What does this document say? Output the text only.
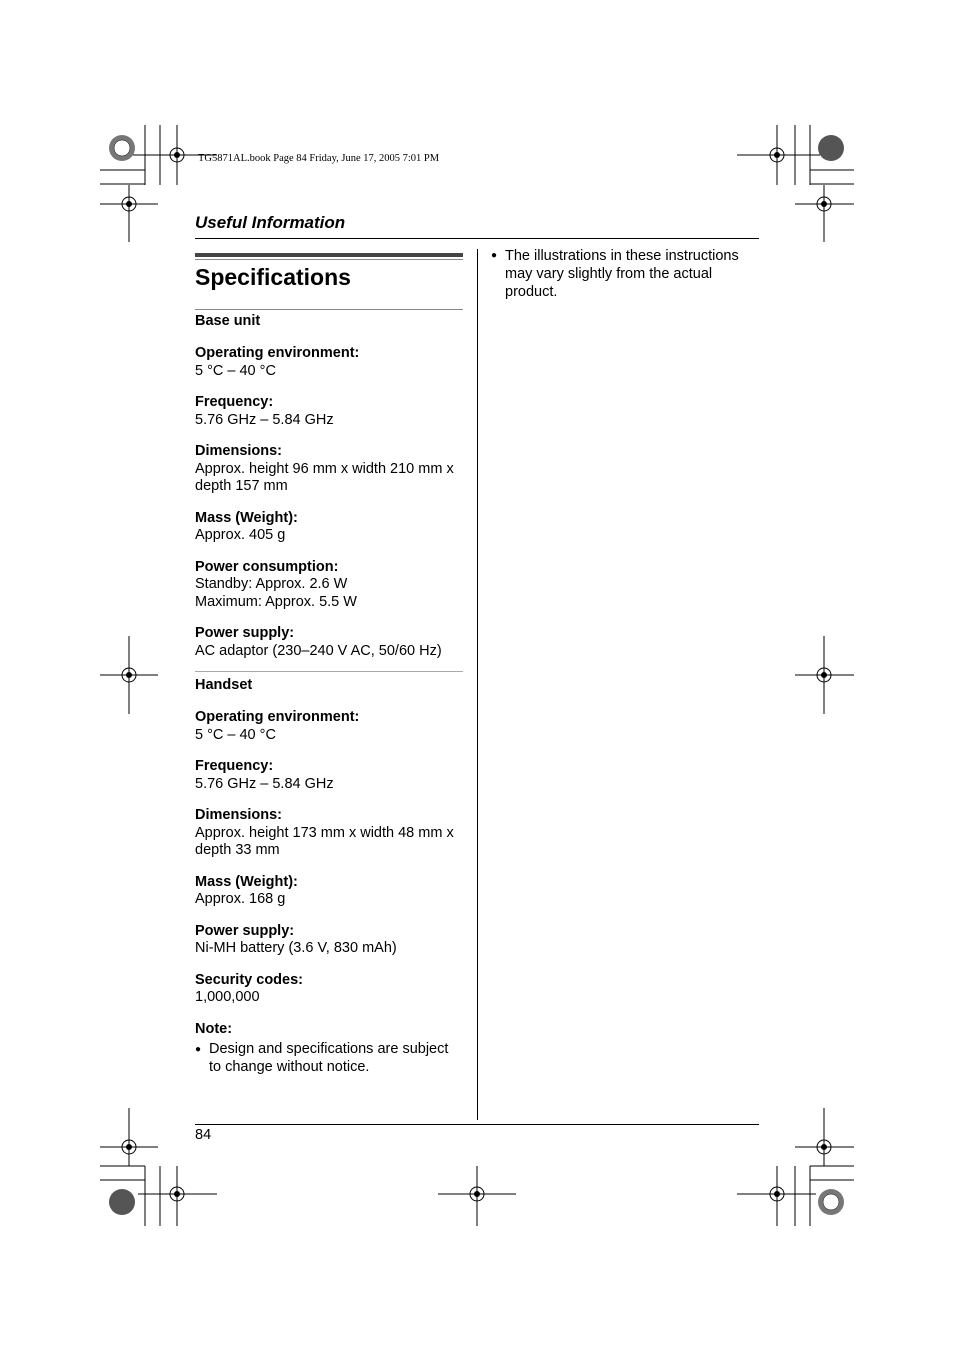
TG5871AL.book Page 84 Friday, June 17, 2005 7:01 PM
Useful Information
Specifications
Base unit
Operating environment:
5 °C – 40 °C
Frequency:
5.76 GHz – 5.84 GHz
Dimensions:
Approx. height 96 mm x width 210 mm x
depth 157 mm
Mass (Weight):
Approx. 405 g
Power consumption:
Standby: Approx. 2.6 W
Maximum: Approx. 5.5 W
Power supply:
AC adaptor (230–240 V AC, 50/60 Hz)
Handset
Operating environment:
5 °C – 40 °C
Frequency:
5.76 GHz – 5.84 GHz
Dimensions:
Approx. height 173 mm x width 48 mm x
depth 33 mm
Mass (Weight):
Approx. 168 g
Power supply:
Ni-MH battery (3.6 V, 830 mAh)
Security codes:
1,000,000
Note:
● Design and specifications are subject to change without notice.
● The illustrations in these instructions may vary slightly from the actual product.
84
